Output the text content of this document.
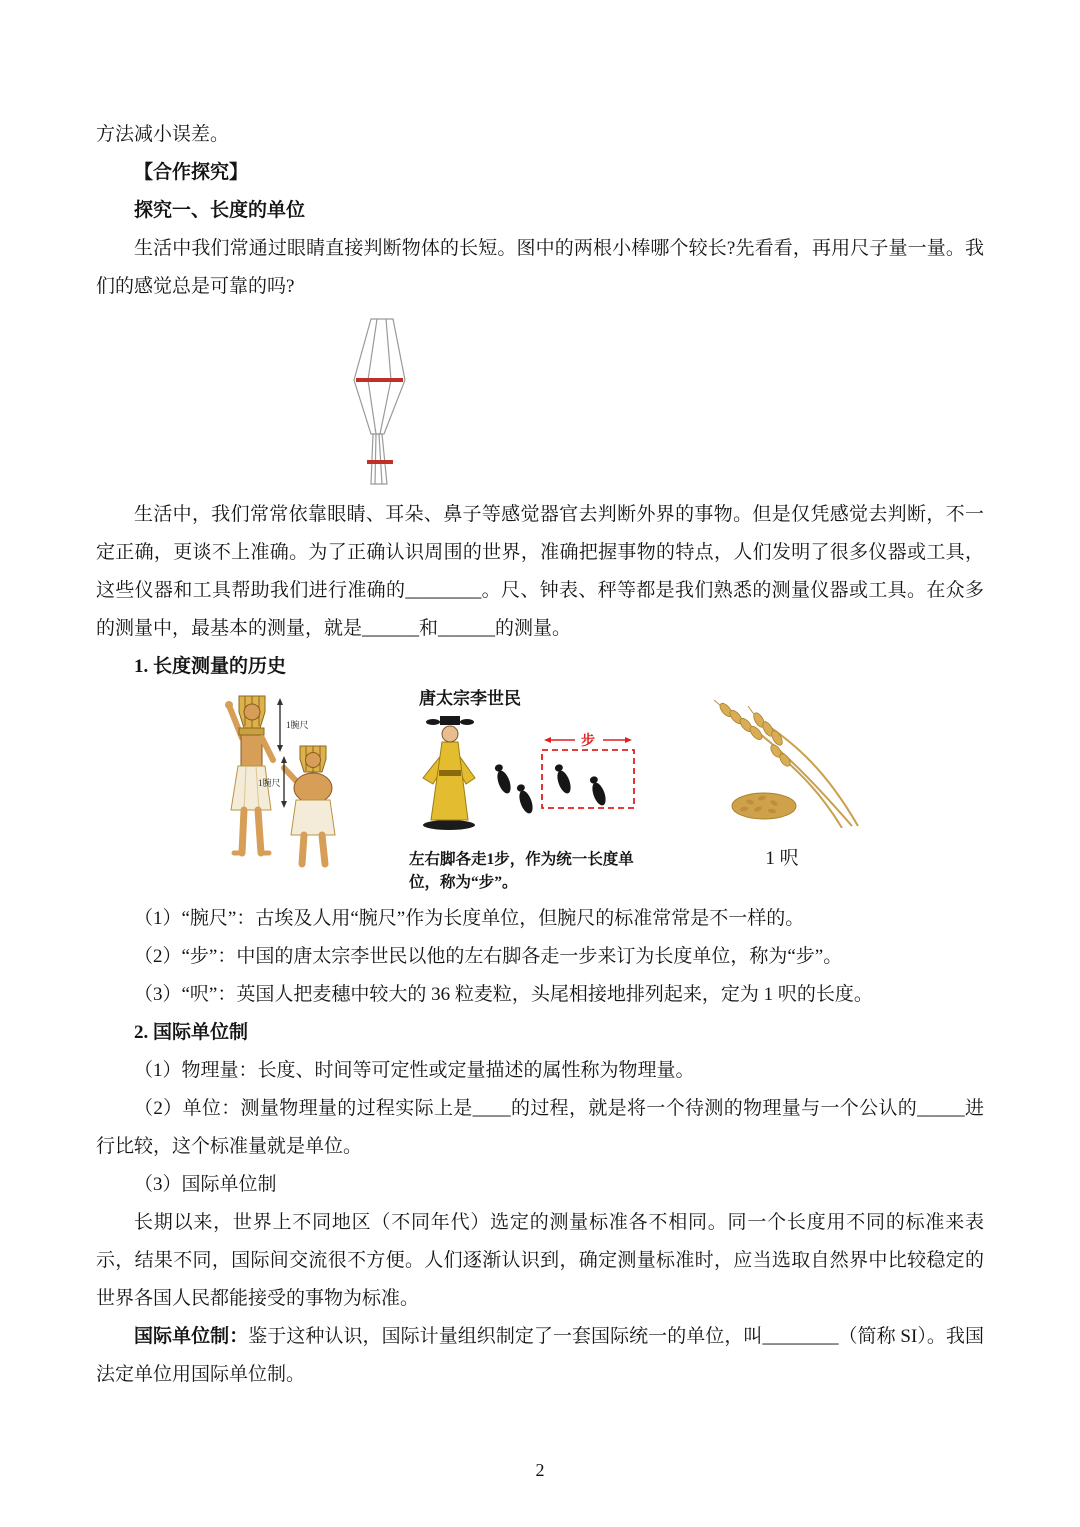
方法减小误差。

【合作探究】

探究一、长度的单位

生活中我们常通过眼睛直接判断物体的长短。图中的两根小棒哪个较长?先看看，再用尺子量一量。我们的感觉总是可靠的吗?

生活中，我们常常依靠眼睛、耳朵、鼻子等感觉器官去判断外界的事物。但是仅凭感觉去判断，不一定正确，更谈不上准确。为了正确认识周围的世界，准确把握事物的特点，人们发明了很多仪器或工具，这些仪器和工具帮助我们进行准确的________。尺、钟表、秤等都是我们熟悉的测量仪器或工具。在众多的测量中，最基本的测量，就是______和______的测量。

1. 长度测量的历史

1腕尺
1腕尺
唐太宗李世民
步
左右脚各走1步，作为统一长度单位，称为“步”。
1 呎

（1）“腕尺”：古埃及人用“腕尺”作为长度单位，但腕尺的标准常常是不一样的。

（2）“步”：中国的唐太宗李世民以他的左右脚各走一步来订为长度单位，称为“步”。

（3）“呎”：英国人把麦穗中较大的 36 粒麦粒，头尾相接地排列起来，定为 1 呎的长度。

2. 国际单位制

（1）物理量：长度、时间等可定性或定量描述的属性称为物理量。

（2）单位：测量物理量的过程实际上是____的过程，就是将一个待测的物理量与一个公认的_____进行比较，这个标准量就是单位。

（3）国际单位制

长期以来，世界上不同地区（不同年代）选定的测量标准各不相同。同一个长度用不同的标准来表示，结果不同，国际间交流很不方便。人们逐渐认识到，确定测量标准时，应当选取自然界中比较稳定的世界各国人民都能接受的事物为标准。

国际单位制：鉴于这种认识，国际计量组织制定了一套国际统一的单位，叫________（简称 SI）。我国法定单位用国际单位制。

2
